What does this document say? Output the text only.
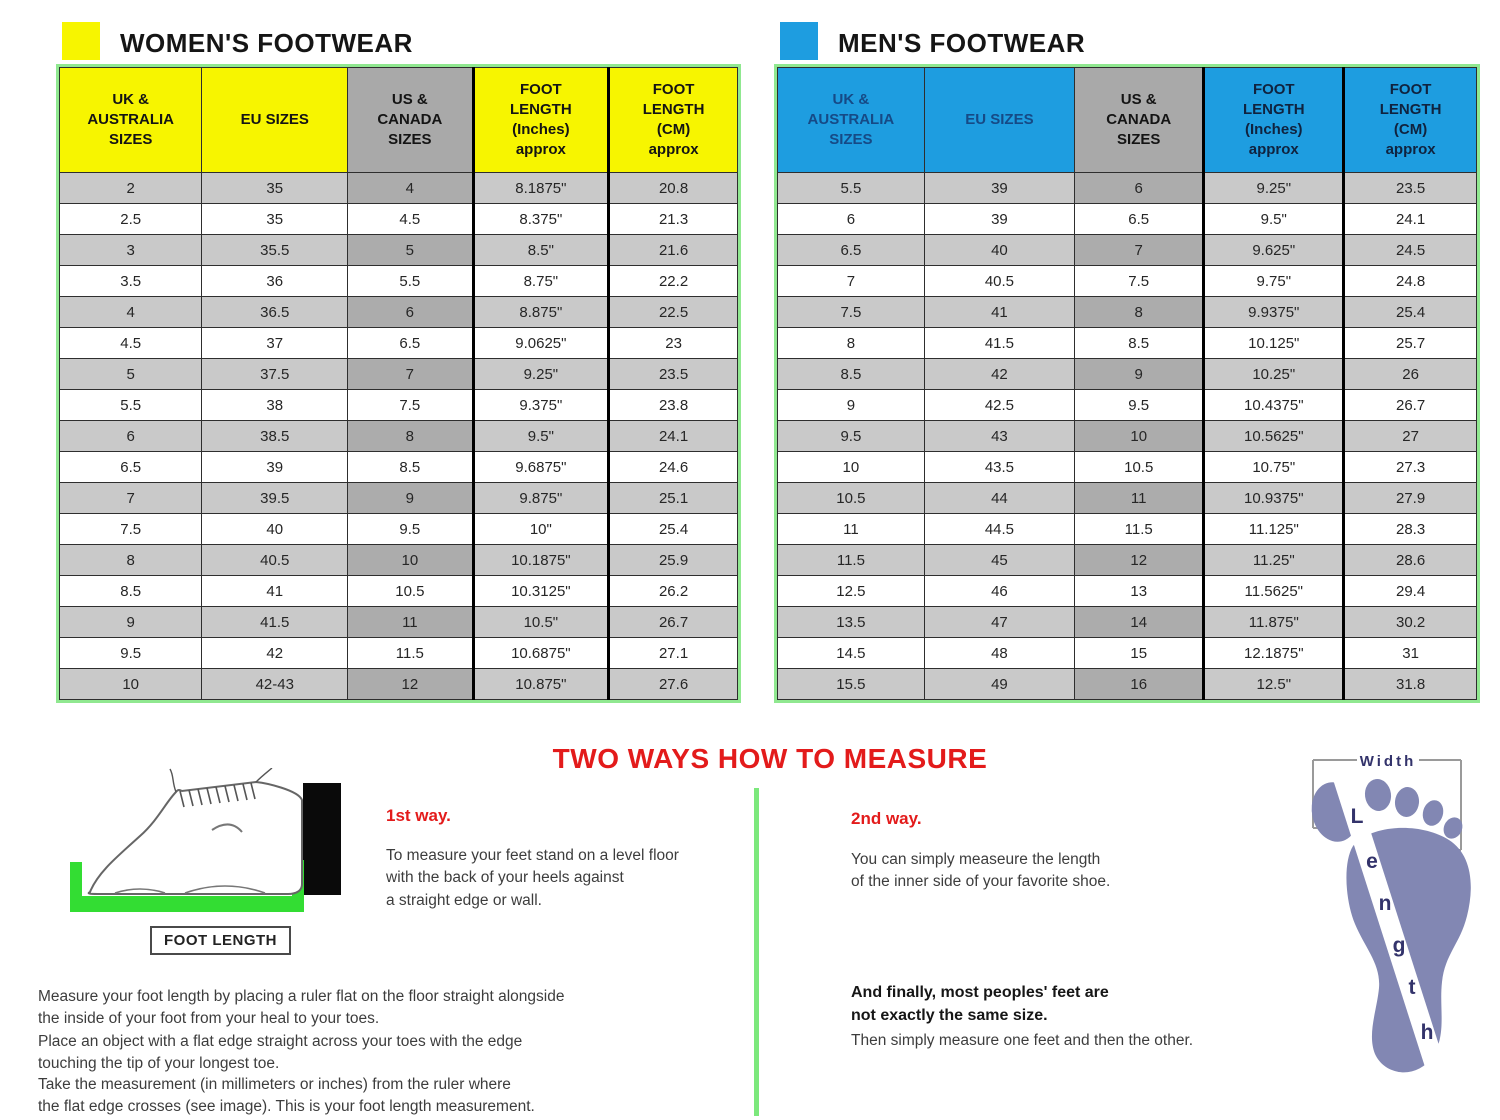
WOMEN'S FOOTWEAR
UK &
AUSTRALIA
SIZES	EU SIZES	US &
CANADA
SIZES	FOOT
LENGTH
(Inches)
approx	FOOT
LENGTH
(CM)
approx
2	35	4	8.1875"	20.8
2.5	35	4.5	8.375"	21.3
3	35.5	5	8.5"	21.6
3.5	36	5.5	8.75"	22.2
4	36.5	6	8.875"	22.5
4.5	37	6.5	9.0625"	23
5	37.5	7	9.25"	23.5
5.5	38	7.5	9.375"	23.8
6	38.5	8	9.5"	24.1
6.5	39	8.5	9.6875"	24.6
7	39.5	9	9.875"	25.1
7.5	40	9.5	10"	25.4
8	40.5	10	10.1875"	25.9
8.5	41	10.5	10.3125"	26.2
9	41.5	11	10.5"	26.7
9.5	42	11.5	10.6875"	27.1
10	42-43	12	10.875"	27.6
MEN'S FOOTWEAR
UK &
AUSTRALIA
SIZES	EU SIZES	US &
CANADA
SIZES	FOOT
LENGTH
(Inches)
approx	FOOT
LENGTH
(CM)
approx
5.5	39	6	9.25"	23.5
6	39	6.5	9.5"	24.1
6.5	40	7	9.625"	24.5
7	40.5	7.5	9.75"	24.8
7.5	41	8	9.9375"	25.4
8	41.5	8.5	10.125"	25.7
8.5	42	9	10.25"	26
9	42.5	9.5	10.4375"	26.7
9.5	43	10	10.5625"	27
10	43.5	10.5	10.75"	27.3
10.5	44	11	10.9375"	27.9
11	44.5	11.5	11.125"	28.3
11.5	45	12	11.25"	28.6
12.5	46	13	11.5625"	29.4
13.5	47	14	11.875"	30.2
14.5	48	15	12.1875"	31
15.5	49	16	12.5"	31.8
TWO WAYS HOW TO MEASURE
FOOT LENGTH
1st way.
To measure your feet stand on a level floor
with the back of your heels against
a straight edge or wall.
2nd way.
You can simply measeure the length
of the inner side of your favorite shoe.
Measure your foot length by placing a ruler flat on the floor straight alongside
the inside of your foot from your heal to your toes.
Place an object with a flat edge straight across your toes with the edge
touching the tip of your longest toe.
Take the measurement (in millimeters or inches) from the ruler where
the flat edge crosses (see image). This is your foot length measurement.
And finally, most peoples' feet are
not exactly the same size.
Then simply measure one feet and then the other.
Width
L
e
n
g
t
h
